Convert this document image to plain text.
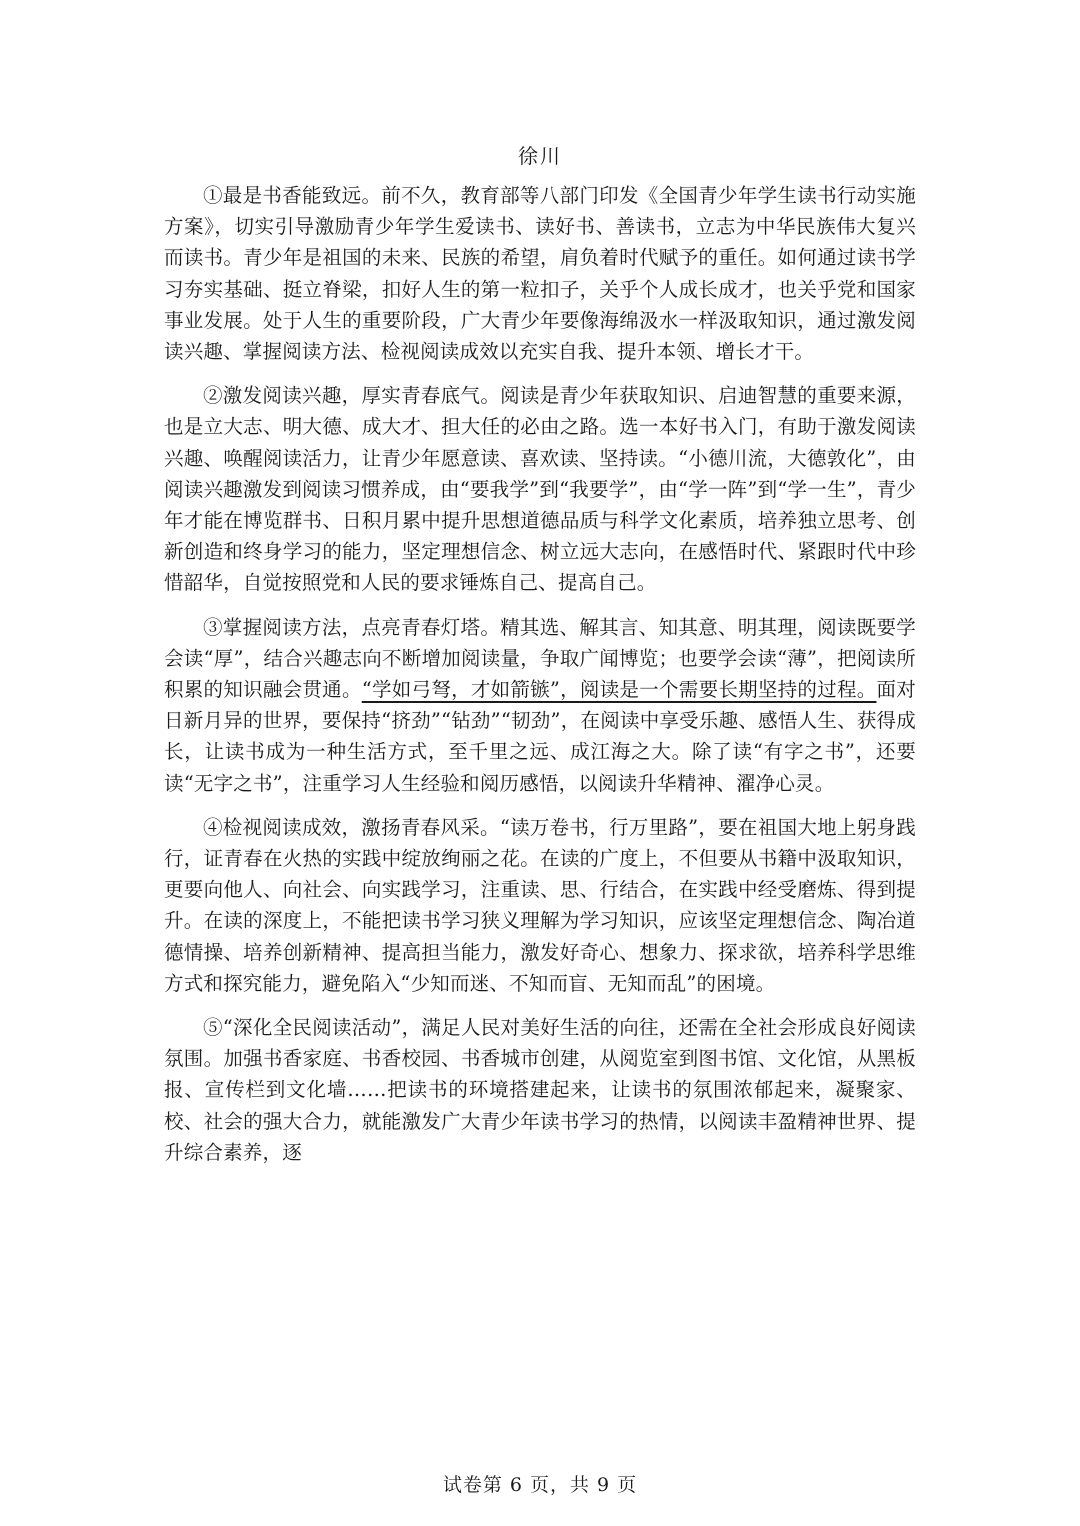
徐川

①最是书香能致远。前不久，教育部等八部门印发《全国青少年学生读书行动实施方案》，切实引导激励青少年学生爱读书、读好书、善读书，立志为中华民族伟大复兴而读书。青少年是祖国的未来、民族的希望，肩负着时代赋予的重任。如何通过读书学习夯实基础、挺立脊梁，扣好人生的第一粒扣子，关乎个人成长成才，也关乎党和国家事业发展。处于人生的重要阶段，广大青少年要像海绵汲水一样汲取知识，通过激发阅读兴趣、掌握阅读方法、检视阅读成效以充实自我、提升本领、增长才干。

②激发阅读兴趣，厚实青春底气。阅读是青少年获取知识、启迪智慧的重要来源，也是立大志、明大德、成大才、担大任的必由之路。选一本好书入门，有助于激发阅读兴趣、唤醒阅读活力，让青少年愿意读、喜欢读、坚持读。“小德川流，大德敦化”，由阅读兴趣激发到阅读习惯养成，由“要我学”到“我要学”，由“学一阵”到“学一生”，青少年才能在博览群书、日积月累中提升思想道德品质与科学文化素质，培养独立思考、创新创造和终身学习的能力，坚定理想信念、树立远大志向，在感悟时代、紧跟时代中珍惜韶华，自觉按照党和人民的要求锤炼自己、提高自己。

③掌握阅读方法，点亮青春灯塔。精其选、解其言、知其意、明其理，阅读既要学会读“厚”，结合兴趣志向不断增加阅读量，争取广闻博览；也要学会读“薄”，把阅读所积累的知识融会贯通。“学如弓弩，才如箭镞”，阅读是一个需要长期坚持的过程。面对日新月异的世界，要保持“挤劲”“钻劲”“韧劲”，在阅读中享受乐趣、感悟人生、获得成长，让读书成为一种生活方式，至千里之远、成江海之大。除了读“有字之书”，还要读“无字之书”，注重学习人生经验和阅历感悟，以阅读升华精神、濯净心灵。

④检视阅读成效，激扬青春风采。“读万卷书，行万里路”，要在祖国大地上躬身践行，证青春在火热的实践中绽放绚丽之花。在读的广度上，不但要从书籍中汲取知识，更要向他人、向社会、向实践学习，注重读、思、行结合，在实践中经受磨炼、得到提升。在读的深度上，不能把读书学习狭义理解为学习知识，应该坚定理想信念、陶冶道德情操、培养创新精神、提高担当能力，激发好奇心、想象力、探求欲，培养科学思维方式和探究能力，避免陷入“少知而迷、不知而盲、无知而乱”的困境。

⑤“深化全民阅读活动”，满足人民对美好生活的向往，还需在全社会形成良好阅读氛围。加强书香家庭、书香校园、书香城市创建，从阅览室到图书馆、文化馆，从黑板报、宣传栏到文化墙……把读书的环境搭建起来，让读书的氛围浓郁起来，凝聚家、校、社会的强大合力，就能激发广大青少年读书学习的热情，以阅读丰盈精神世界、提升综合素养，逐

试卷第 6 页，共 9 页
